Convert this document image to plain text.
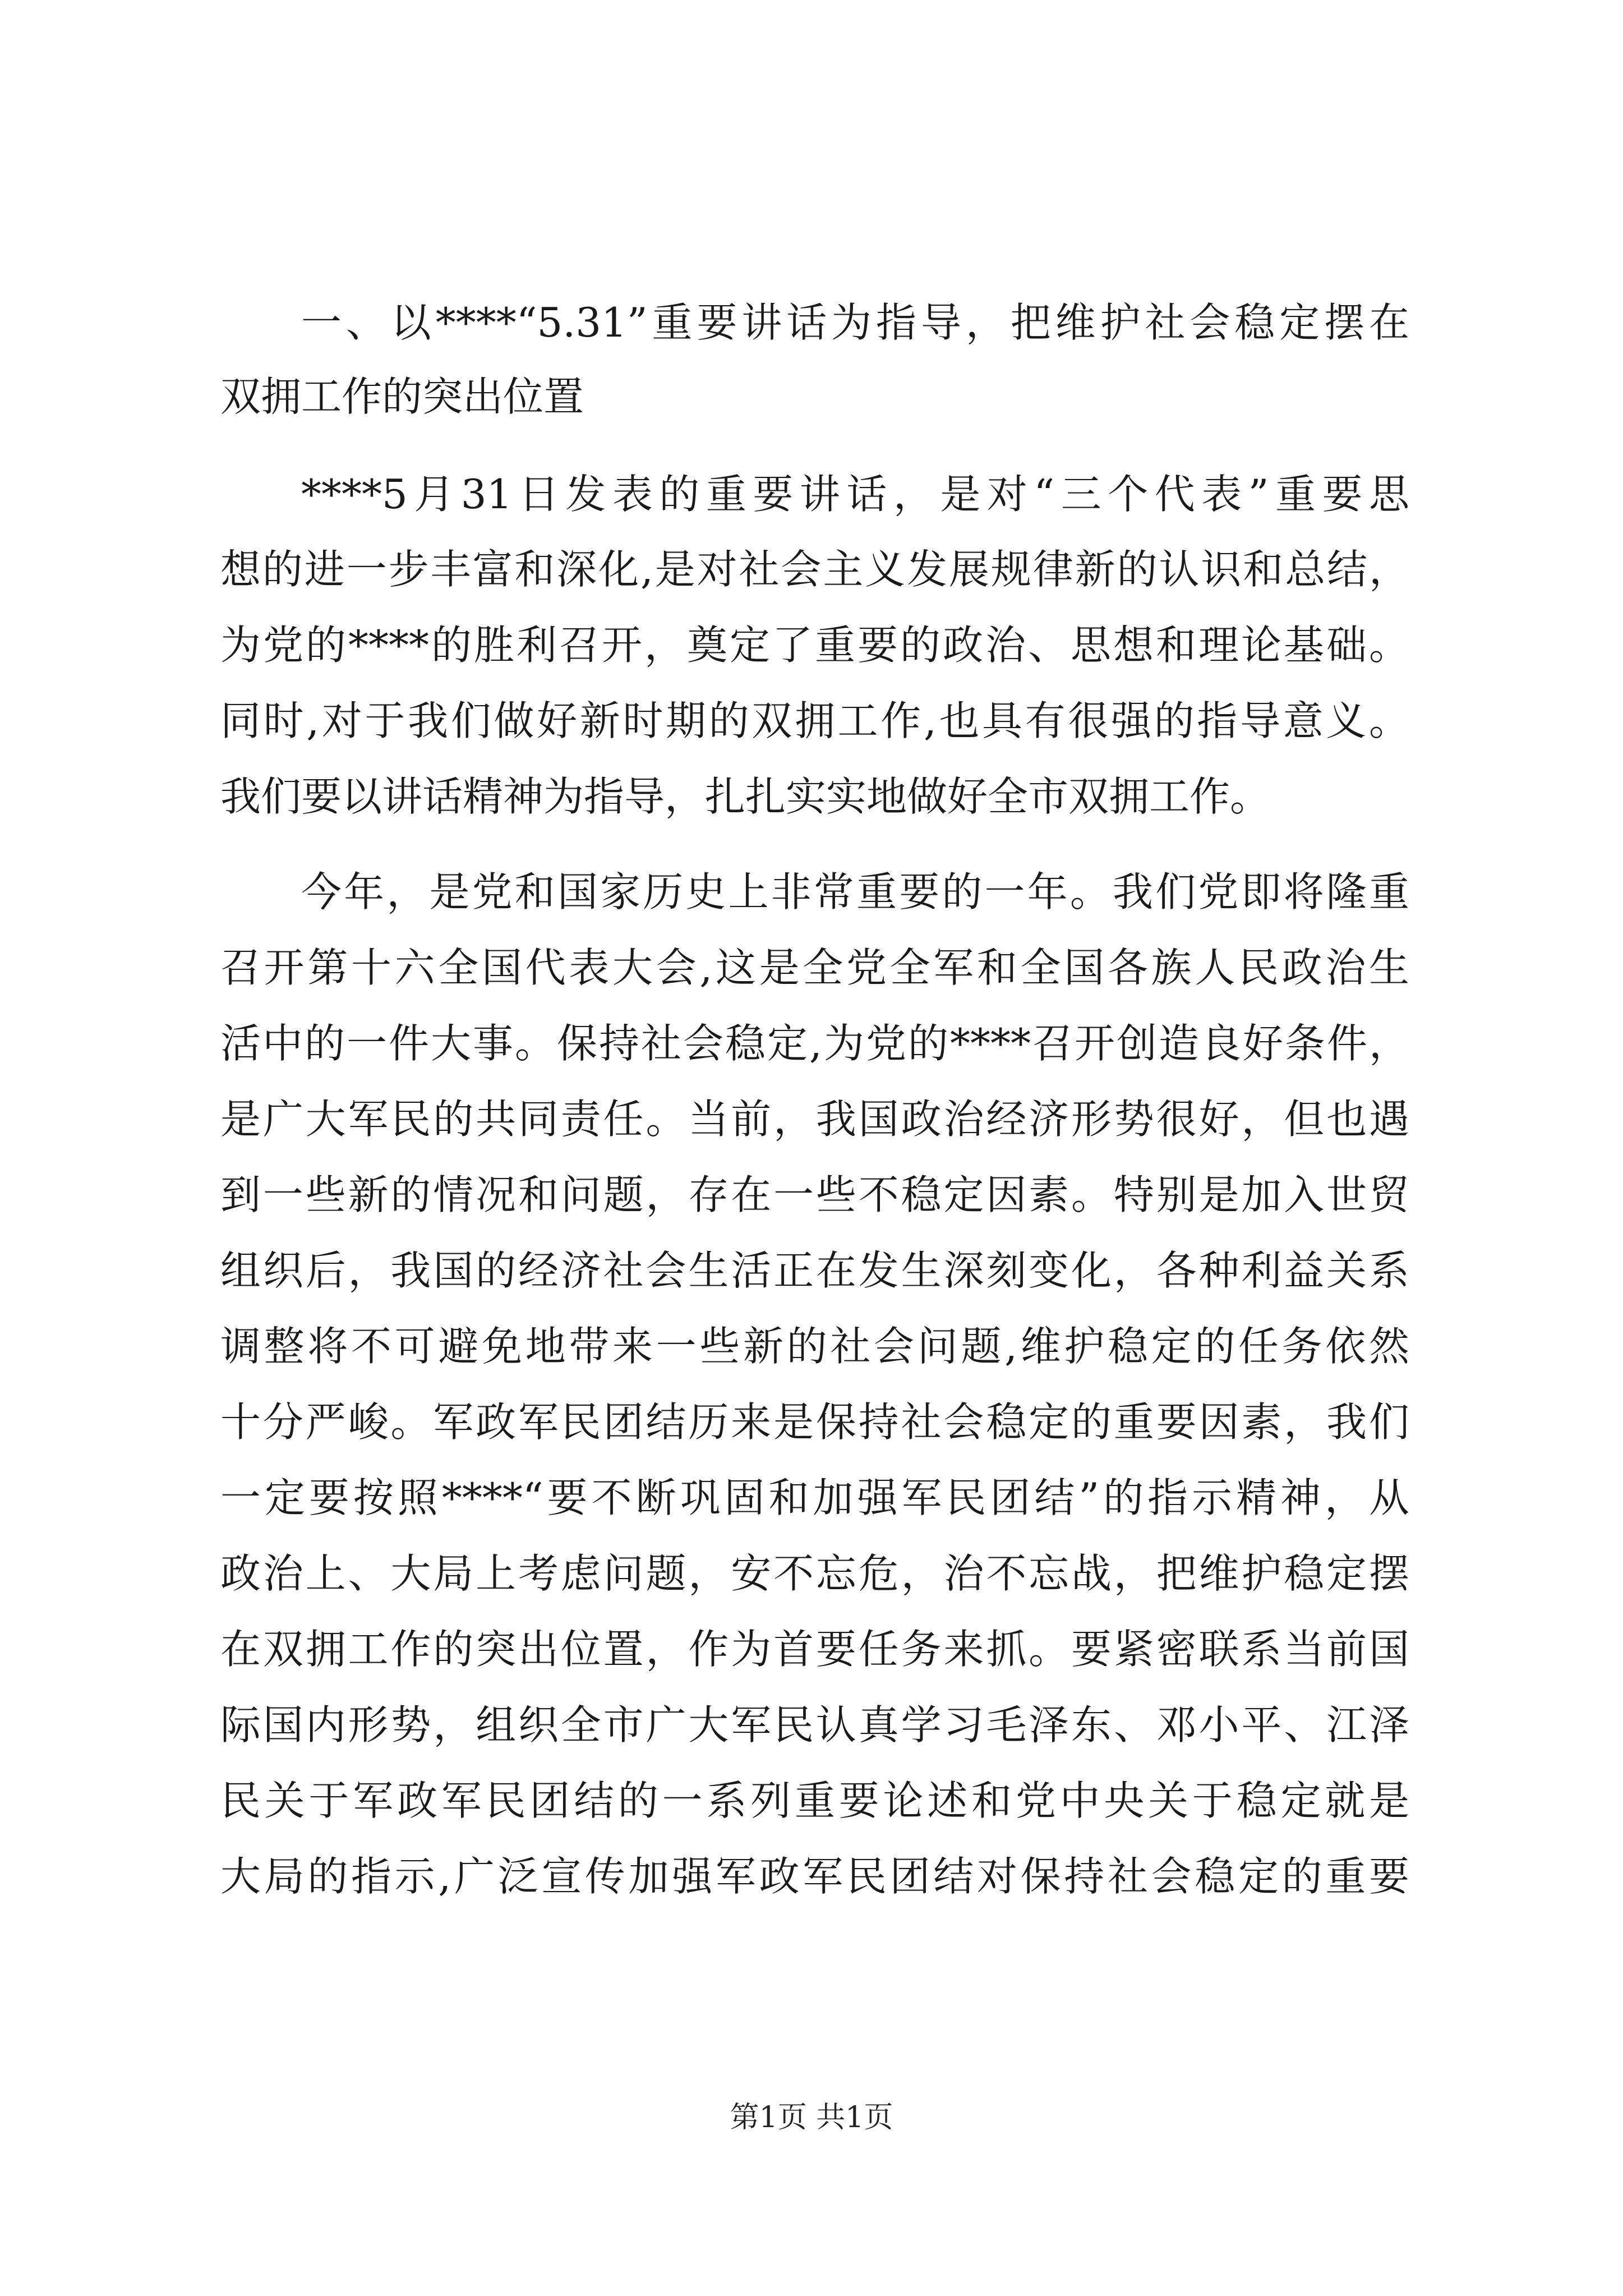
一、以****“5.31”重要讲话为指导，把维护社会稳定摆在
双拥工作的突出位置
****5月31日发表的重要讲话，是对“三个代表”重要思
想的进一步丰富和深化,是对社会主义发展规律新的认识和总结，
为党的****的胜利召开，奠定了重要的政治、思想和理论基础。
同时,对于我们做好新时期的双拥工作,也具有很强的指导意义。
我们要以讲话精神为指导，扎扎实实地做好全市双拥工作。
今年，是党和国家历史上非常重要的一年。我们党即将隆重
召开第十六全国代表大会,这是全党全军和全国各族人民政治生
活中的一件大事。保持社会稳定,为党的****召开创造良好条件，
是广大军民的共同责任。当前，我国政治经济形势很好，但也遇
到一些新的情况和问题，存在一些不稳定因素。特别是加入世贸
组织后，我国的经济社会生活正在发生深刻变化，各种利益关系
调整将不可避免地带来一些新的社会问题,维护稳定的任务依然
十分严峻。军政军民团结历来是保持社会稳定的重要因素，我们
一定要按照****“要不断巩固和加强军民团结”的指示精神，从
政治上、大局上考虑问题，安不忘危，治不忘战，把维护稳定摆
在双拥工作的突出位置，作为首要任务来抓。要紧密联系当前国
际国内形势，组织全市广大军民认真学习毛泽东、邓小平、江泽
民关于军政军民团结的一系列重要论述和党中央关于稳定就是
大局的指示,广泛宣传加强军政军民团结对保持社会稳定的重要
第1页 共1页
